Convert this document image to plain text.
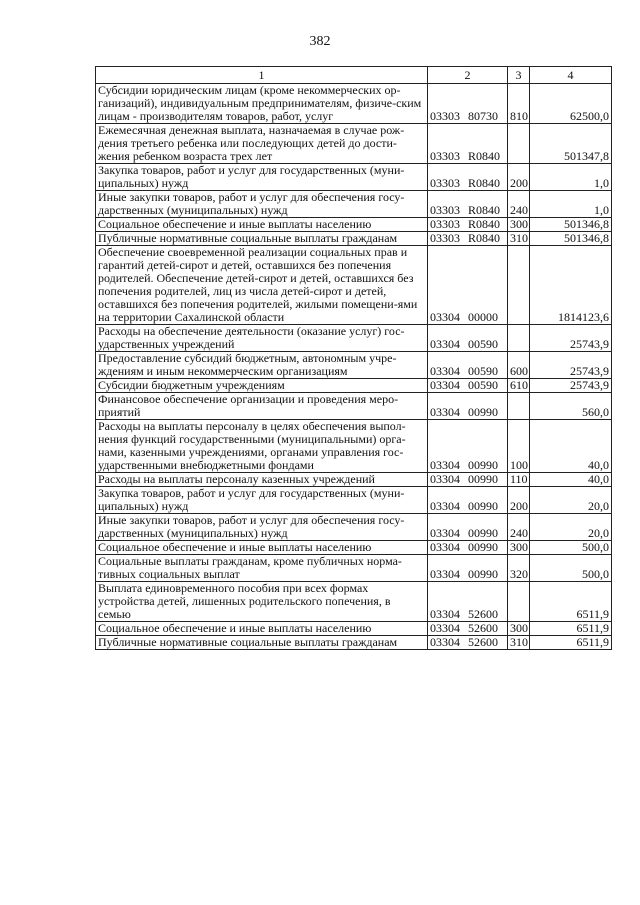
382
1	2	3	4
Субсидии юридическим лицам (кроме некоммерческих ор-ганизаций), индивидуальным предпринимателям, физиче-ским лицам - производителям товаров, работ, услуг	03303 80730	810	62500,0
Ежемесячная денежная выплата, назначаемая в случае рож-дения третьего ребенка или последующих детей до дости-жения ребенком возраста трех лет	03303 R0840		501347,8
Закупка товаров, работ и услуг для государственных (муни-ципальных) нужд	03303 R0840	200	1,0
Иные закупки товаров, работ и услуг для обеспечения госу-дарственных (муниципальных) нужд	03303 R0840	240	1,0
Социальное обеспечение и иные выплаты населению	03303 R0840	300	501346,8
Публичные нормативные социальные выплаты гражданам	03303 R0840	310	501346,8
Обеспечение своевременной реализации социальных прав и гарантий детей-сирот и детей, оставшихся без попечения родителей. Обеспечение детей-сирот и детей, оставшихся без попечения родителей, лиц из числа детей-сирот и детей, оставшихся без попечения родителей, жилыми помещени-ями на территории Сахалинской области	03304 00000		1814123,6
Расходы на обеспечение деятельности (оказание услуг) гос-ударственных учреждений	03304 00590		25743,9
Предоставление субсидий бюджетным, автономным учре-ждениям и иным некоммерческим организациям	03304 00590	600	25743,9
Субсидии бюджетным учреждениям	03304 00590	610	25743,9
Финансовое обеспечение организации и проведения меро-приятий	03304 00990		560,0
Расходы на выплаты персоналу в целях обеспечения выпол-нения функций государственными (муниципальными) орга-нами, казенными учреждениями, органами управления гос-ударственными внебюджетными фондами	03304 00990	100	40,0
Расходы на выплаты персоналу казенных учреждений	03304 00990	110	40,0
Закупка товаров, работ и услуг для государственных (муни-ципальных) нужд	03304 00990	200	20,0
Иные закупки товаров, работ и услуг для обеспечения госу-дарственных (муниципальных) нужд	03304 00990	240	20,0
Социальное обеспечение и иные выплаты населению	03304 00990	300	500,0
Социальные выплаты гражданам, кроме публичных норма-тивных социальных выплат	03304 00990	320	500,0
Выплата единовременного пособия при всех формах устройства детей, лишенных родительского попечения, в семью	03304 52600		6511,9
Социальное обеспечение и иные выплаты населению	03304 52600	300	6511,9
Публичные нормативные социальные выплаты гражданам	03304 52600	310	6511,9
